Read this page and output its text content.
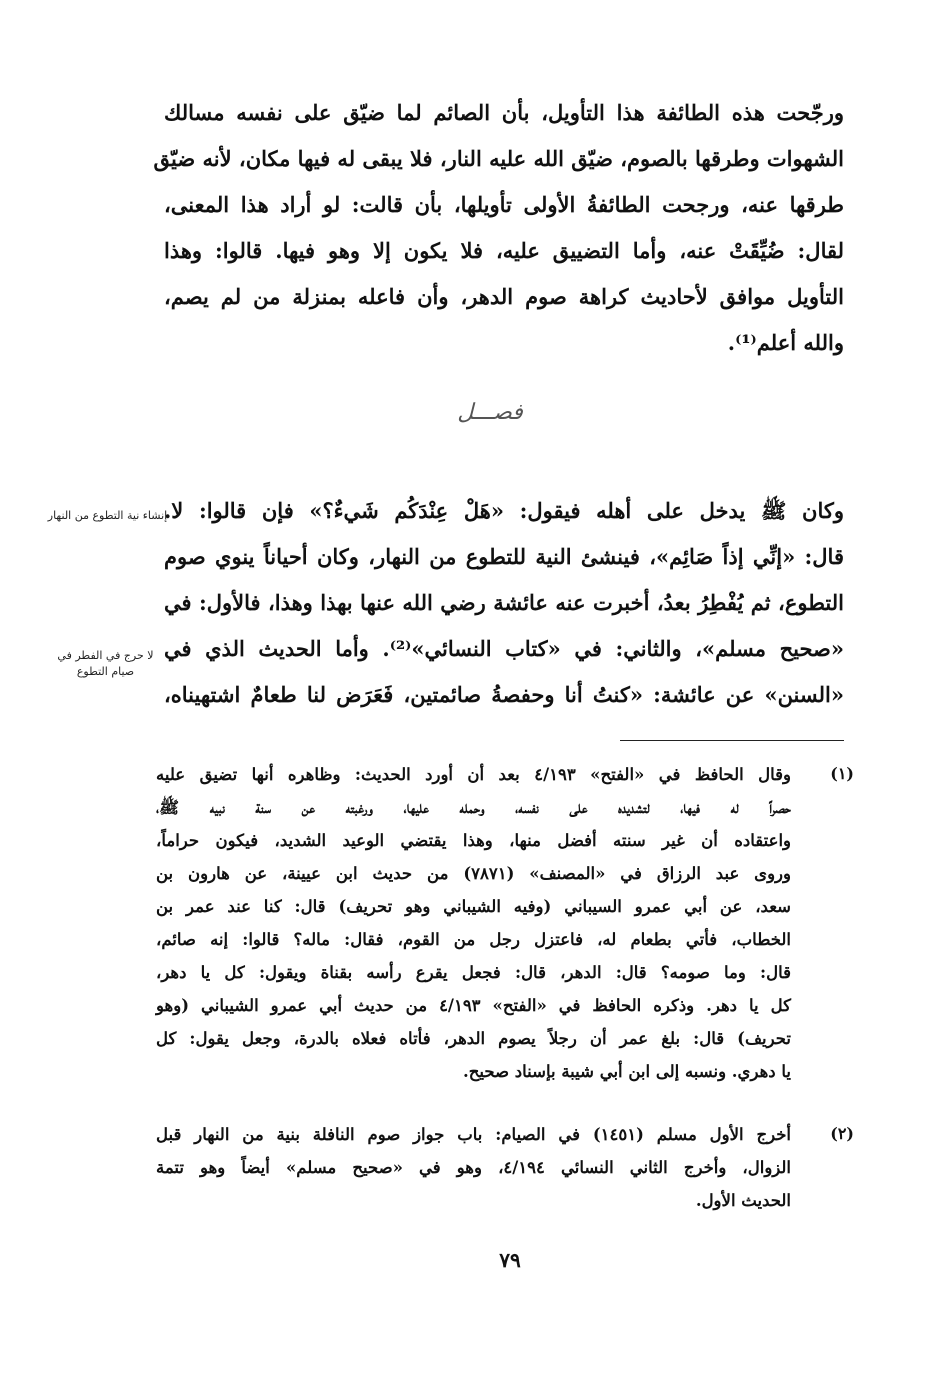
ورجّحت هذه الطائفة هذا التأويل، بأن الصائم لما ضيّق على نفسه مسالك
الشهوات وطرقها بالصوم، ضيّق الله عليه النار، فلا يبقى له فيها مكان، لأنه ضيّق
طرقها عنه، ورجحت الطائفةُ الأولى تأويلها، بأن قالت: لو أراد هذا المعنى،
لقال: ضُيِّقَتْ عنه، وأما التضييق عليه، فلا يكون إلا وهو فيها. قالوا: وهذا
التأويل موافق لأحاديث كراهة صوم الدهر، وأن فاعله بمنزلة من لم يصم،
والله أعلم⁽¹⁾.
فصـــل
وكان ﷺ يدخل على أهله فيقول: «هَلْ عِنْدَكُم شَيءٌ؟» فإن قالوا: لا.
قال: «إنِّي إذاً صَائِم»، فينشئ النية للتطوع من النهار، وكان أحياناً ينوي صوم
التطوع، ثم يُفْطِرُ بعدُ، أخبرت عنه عائشة رضي الله عنها بهذا وهذا، فالأول: في
«صحيح مسلم»، والثاني: في «كتاب النسائي»⁽²⁾. وأما الحديث الذي في
«السنن» عن عائشة: «كنتُ أنا وحفصةُ صائمتين، فَعَرَض لنا طعامٌ اشتهيناه،
إنشاء نية التطوع من النهار
لا حرج في الفطر في صيام التطوع
(١)
وقال الحافظ في «الفتح» ٤/١٩٣ بعد أن أورد الحديث: وظاهره أنها تضيق عليه
حصراً له فيها، لتشديده على نفسه، وحمله عليها، ورغبته عن سنة نبيه ﷺ،
واعتقاده أن غير سنته أفضل منها، وهذا يقتضي الوعيد الشديد، فيكون حراماً،
وروى عبد الرزاق في «المصنف» (٧٨٧١) من حديث ابن عيينة، عن هارون بن
سعد، عن أبي عمرو السيباني (وفيه الشيباني وهو تحريف) قال: كنا عند عمر بن
الخطاب، فأتي بطعام له، فاعتزل رجل من القوم، فقال: ماله؟ قالوا: إنه صائم،
قال: وما صومه؟ قال: الدهر، قال: فجعل يقرع رأسه بقناة ويقول: كل يا دهر،
كل يا دهر. وذكره الحافظ في «الفتح» ٤/١٩٣ من حديث أبي عمرو الشيباني (وهو
تحريف) قال: بلغ عمر أن رجلاً يصوم الدهر، فأتاه فعلاه بالدرة، وجعل يقول: كل
يا دهري. ونسبه إلى ابن أبي شيبة بإسناد صحيح.
(٢)
أخرج الأول مسلم (١٤٥١) في الصيام: باب جواز صوم النافلة بنية من النهار قبل
الزوال، وأخرج الثاني النسائي ٤/١٩٤، وهو في «صحيح مسلم» أيضاً وهو تتمة
الحديث الأول.
٧٩
